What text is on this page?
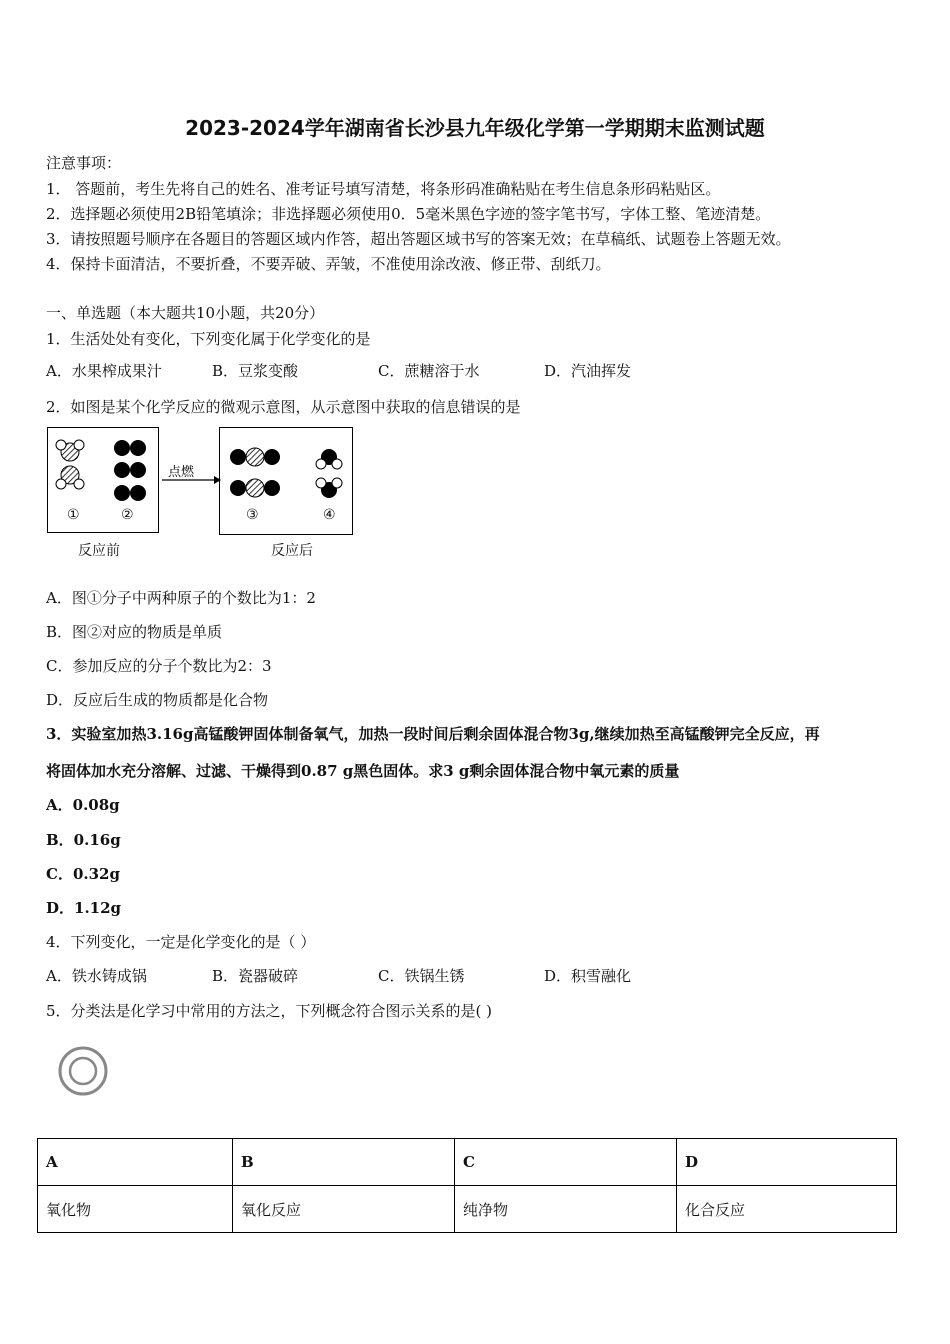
2023-2024学年湖南省长沙县九年级化学第一学期期末监测试题
注意事项：
1． 答题前，考生先将自己的姓名、准考证号填写清楚，将条形码准确粘贴在考生信息条形码粘贴区。
2．选择题必须使用2B铅笔填涂；非选择题必须使用0．5毫米黑色字迹的签字笔书写，字体工整、笔迹清楚。
3．请按照题号顺序在各题目的答题区域内作答，超出答题区域书写的答案无效；在草稿纸、试题卷上答题无效。
4．保持卡面清洁，不要折叠，不要弄破、弄皱，不准使用涂改液、修正带、刮纸刀。
一、单选题（本大题共10小题，共20分）
1．生活处处有变化，下列变化属于化学变化的是
A．水果榨成果汁	B．豆浆变酸	C．蔗糖溶于水	D．汽油挥发
2．如图是某个化学反应的微观示意图，从示意图中获取的信息错误的是
点燃
①	②	③	④
反应前	反应后
A．图①分子中两种原子的个数比为1：2
B．图②对应的物质是单质
C．参加反应的分子个数比为2：3
D．反应后生成的物质都是化合物
3．实验室加热3.16g高锰酸钾固体制备氧气，加热一段时间后剩余固体混合物3g,继续加热至高锰酸钾完全反应，再
将固体加水充分溶解、过滤、干燥得到0.87 g黑色固体。求3 g剩余固体混合物中氧元素的质量
A．0.08g
B．0.16g
C．0.32g
D．1.12g
4．下列变化，一定是化学变化的是（ ）
A．铁水铸成锅	B．瓷器破碎	C．铁锅生锈	D．积雪融化
5．分类法是化学习中常用的方法之，下列概念符合图示关系的是( )
A	B	C	D
氧化物	氧化反应	纯净物	化合反应
